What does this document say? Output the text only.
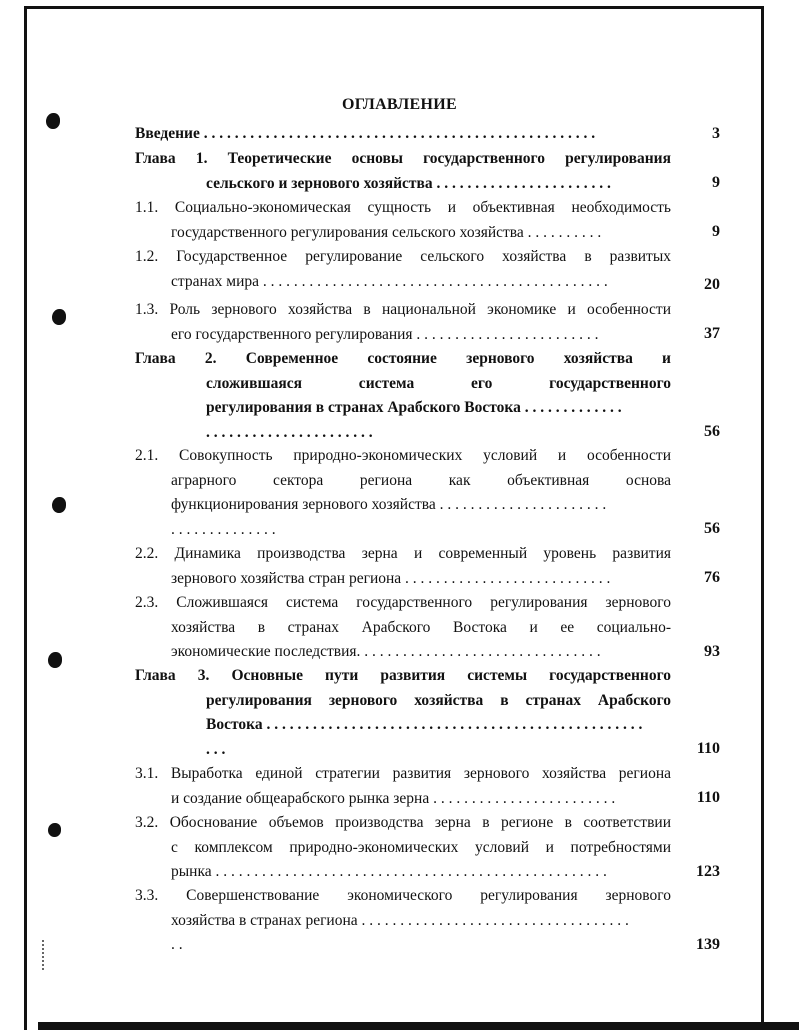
ОГЛАВЛЕНИЕ
Введение . . . . . . . . . . . . . . . . . . . . . . . . . . . . . . . . . . . . . . . . . . . . . . . . . . .	3
Глава 1. Теоретические основы государственного регулирования
сельского и зернового хозяйства . . . . . . . . . . . . . . . . . . . . . . .	9
1.1. Социально-экономическая сущность и объективная необходимость
государственного регулирования сельского хозяйства . . . . . . . . . .	9
1.2. Государственное регулирование сельского хозяйства в развитых
странах мира . . . . . . . . . . . . . . . . . . . . . . . . . . . . . . . . . . . . . . . . . . . . .	20
1.3. Роль зернового хозяйства в национальной экономике и особенности
его государственного регулирования . . . . . . . . . . . . . . . . . . . . . . . .	37
Глава 2. Современное состояние зернового хозяйства и
сложившаяся система его государственного
регулирования в странах Арабского Востока . . . . . . . . . . . . .
. . . . . . . . . . . . . . . . . . . . . .	56
2.1. Совокупность природно-экономических условий и особенности
аграрного сектора региона как объективная основа
функционирования зернового хозяйства . . . . . . . . . . . . . . . . . . . . . .
. . . . . . . . . . . . . .	56
2.2. Динамика производства зерна и современный уровень развития
зернового хозяйства стран региона . . . . . . . . . . . . . . . . . . . . . . . . . . .	76
2.3. Сложившаяся система государственного регулирования зернового
хозяйства в странах Арабского Востока и ее социально-
экономические последствия. . . . . . . . . . . . . . . . . . . . . . . . . . . . . . . .	93
Глава 3. Основные пути развития системы государственного
регулирования зернового хозяйства в странах Арабского
Востока . . . . . . . . . . . . . . . . . . . . . . . . . . . . . . . . . . . . . . . . . . . . . . . . .
. . .	110
3.1. Выработка единой стратегии развития зернового хозяйства региона
и создание общеарабского рынка зерна . . . . . . . . . . . . . . . . . . . . . . . .	110
3.2. Обоснование объемов производства зерна в регионе в соответствии
с комплексом природно-экономических условий и потребностями
рынка . . . . . . . . . . . . . . . . . . . . . . . . . . . . . . . . . . . . . . . . . . . . . . . . . . .	123
3.3. Совершенствование экономического регулирования зернового
хозяйства в странах региона . . . . . . . . . . . . . . . . . . . . . . . . . . . . . . . . . . .
. .	139
